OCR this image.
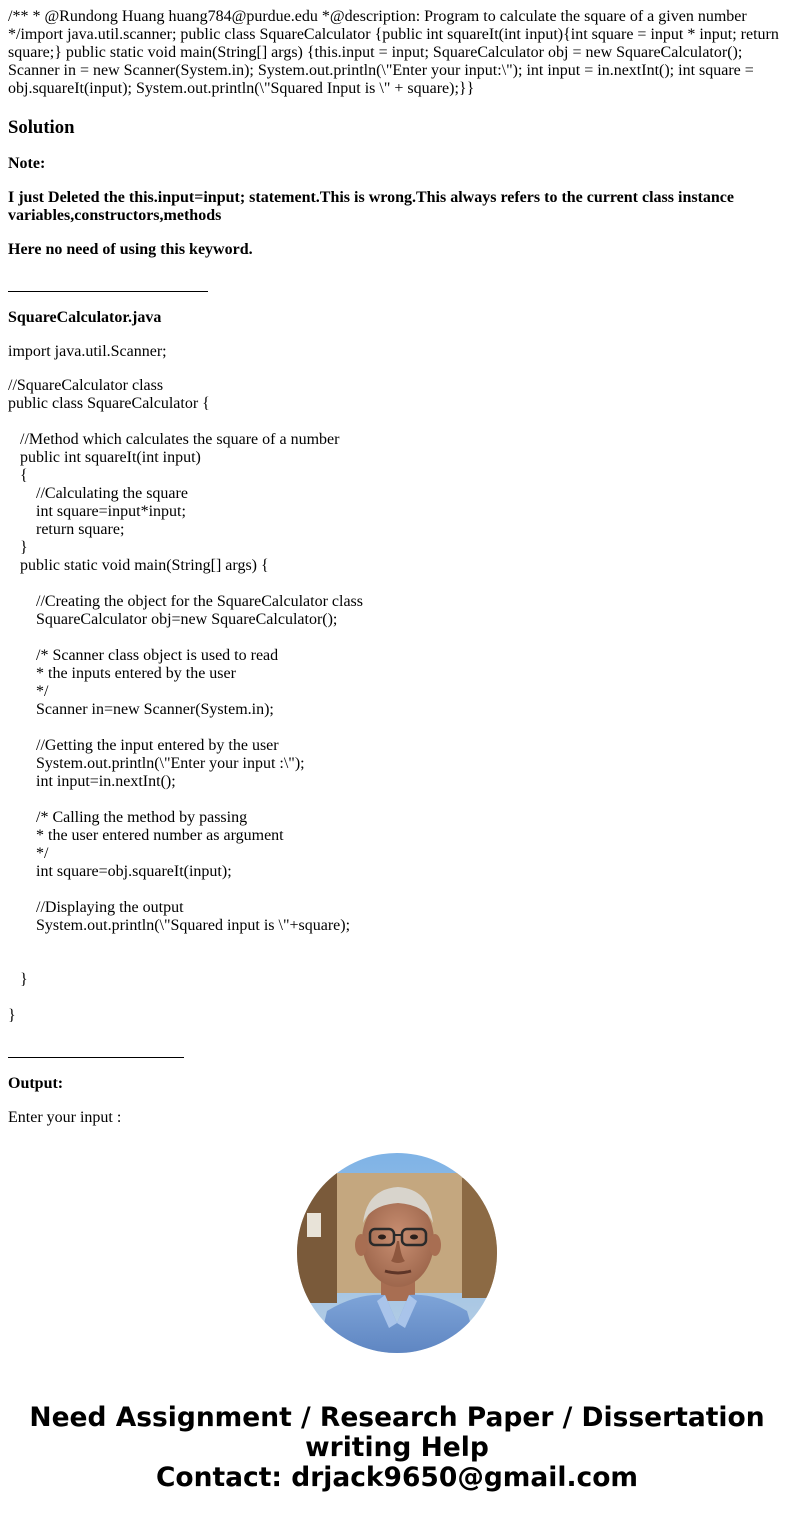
/** * @Rundong Huang huang784@purdue.edu *@description: Program to calculate the square of a given number */import java.util.scanner; public class SquareCalculator {public int squareIt(int input){int square = input * input; return square;} public static void main(String[] args) {this.input = input; SquareCalculator obj = new SquareCalculator(); Scanner in = new Scanner(System.in); System.out.println(\"Enter your input:\"); int input = in.nextInt(); int square = obj.squareIt(input); System.out.println(\"Squared Input is \" + square);}}
Solution

Note:

I just Deleted the this.input=input; statement.This is wrong.This always refers to the current class instance variables,constructors,methods

Here no need of using this keyword.

SquareCalculator.java

import java.util.Scanner;

//SquareCalculator class
public class SquareCalculator {

//Method which calculates the square of a number
public int squareIt(int input)
{
//Calculating the square
int square=input*input;
return square;
}
public static void main(String[] args) {

//Creating the object for the SquareCalculator class
SquareCalculator obj=new SquareCalculator();

/* Scanner class object is used to read
* the inputs entered by the user
*/
Scanner in=new Scanner(System.in);

//Getting the input entered by the user
System.out.println(\"Enter your input :\");
int input=in.nextInt();

/* Calling the method by passing
* the user entered number as argument
*/
int square=obj.squareIt(input);

//Displaying the output
System.out.println(\"Squared input is \"+square);

}

}

Output:

Enter your input :

Need Assignment / Research Paper / Dissertation
writing Help
Contact: drjack9650@gmail.com
